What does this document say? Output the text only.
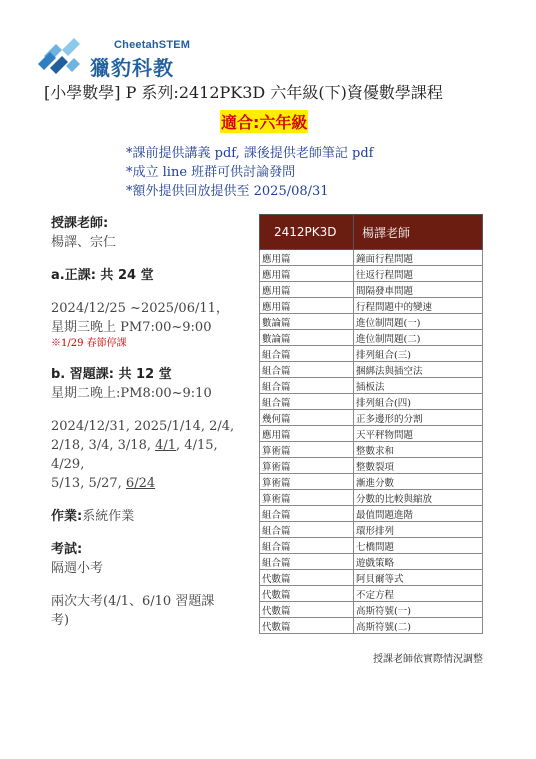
CheetahSTEM
獵豹科教
[小學數學] P 系列:2412PK3D 六年級(下)資優數學課程
適合:六年級
*課前提供講義 pdf, 課後提供老師筆記 pdf
*成立 line 班群可供討論發問
*額外提供回放提供至 2025/08/31
授課老師:
楊譯、宗仁
a.正課: 共 24 堂
2024/12/25 ~2025/06/11，
星期三晚上 PM7:00~9:00
※1/29 春節停課
b. 習題課: 共 12 堂
星期二晚上:PM8:00~9:10
2024/12/31, 2025/1/14, 2/4,
2/18, 3/4, 3/18, 4/1, 4/15, 4/29,
5/13, 5/27, 6/24
作業:系統作業
考試:
隔週小考
兩次大考(4/1、6/10 習題課
考)
2412PK3D	楊譯老師
應用篇	鐘面行程問題
應用篇	往返行程問題
應用篇	間隔發車問題
應用篇	行程問題中的變速
數論篇	進位制問題(一)
數論篇	進位制問題(二)
組合篇	排列組合(三)
組合篇	捆綁法與插空法
組合篇	插板法
組合篇	排列組合(四)
幾何篇	正多邊形的分割
應用篇	天平秤物問題
算術篇	整數求和
算術篇	整數裂項
算術篇	漸進分數
算術篇	分數的比較與縮放
組合篇	最值問題進階
組合篇	環形排列
組合篇	七橋問題
組合篇	遊戲策略
代數篇	阿貝爾等式
代數篇	不定方程
代數篇	高斯符號(一)
代數篇	高斯符號(二)
授課老師依實際情況調整
